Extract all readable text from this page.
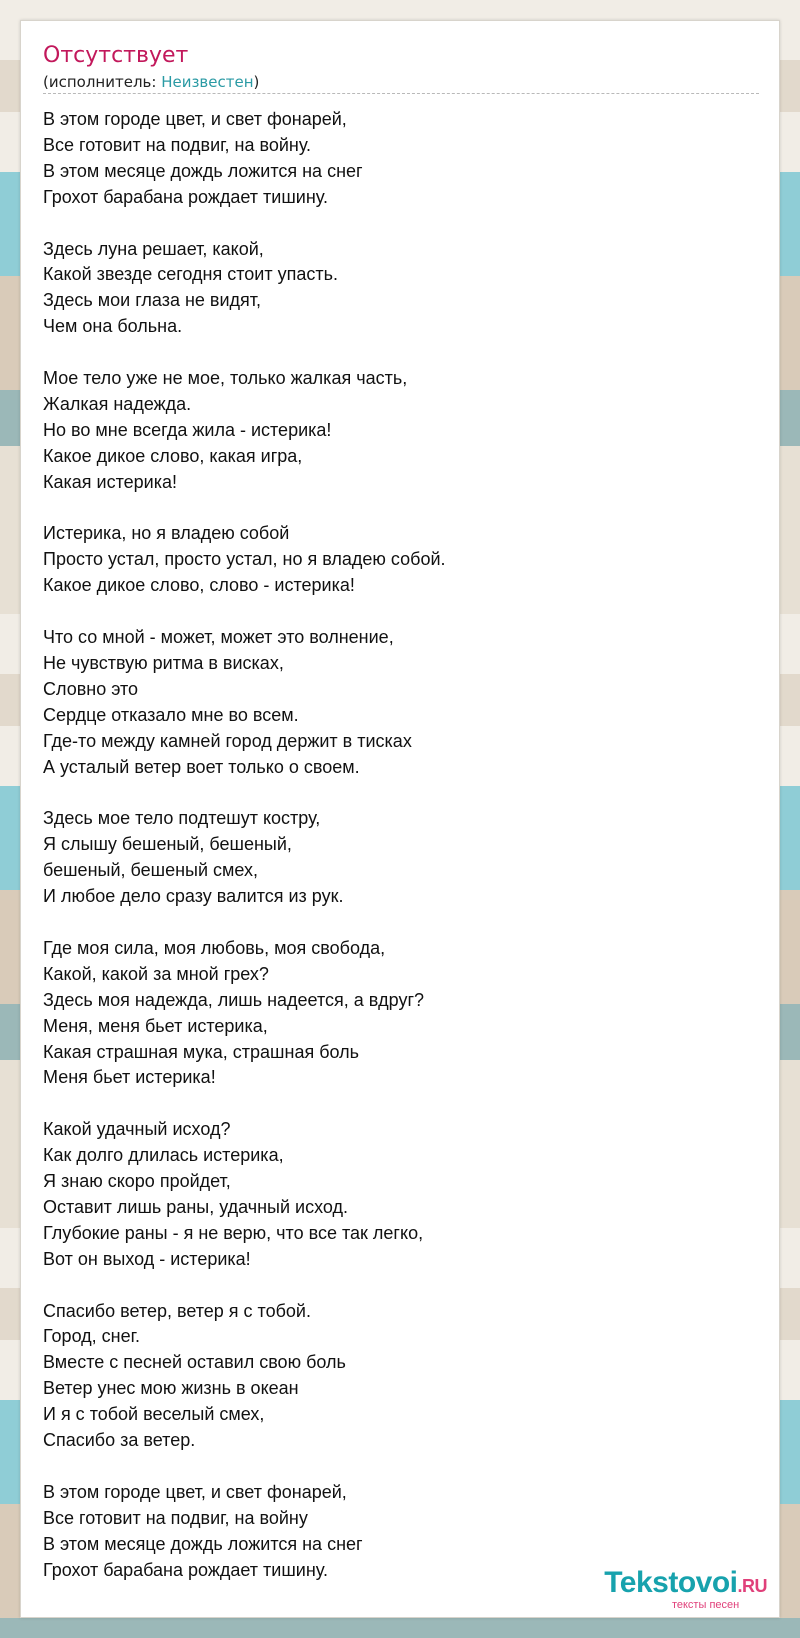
Отсутствует
(исполнитель: Неизвестен)
В этом городе цвет, и свет фонарей,
Все готовит на подвиг, на войну.
В этом месяце дождь ложится на снег
Грохот барабана рождает тишину.
Здесь луна решает, какой,
Какой звезде сегодня стоит упасть.
Здесь мои глаза не видят,
Чем она больна.
Мое тело уже не мое, только жалкая часть,
Жалкая надежда.
Но во мне всегда жила - истерика!
Какое дикое слово, какая игра,
Какая истерика!
Истерика, но я владею собой
Просто устал, просто устал, но я владею собой.
Какое дикое слово, слово - истерика!
Что со мной - может, может это волнение,
Не чувствую ритма в висках,
Словно это
Сердце отказало мне во всем.
Где-то между камней город держит в тисках
А усталый ветер воет только о своем.
Здесь мое тело подтешут костру,
Я слышу бешеный, бешеный,
бешеный, бешеный смех,
И любое дело сразу валится из рук.
Где моя сила, моя любовь, моя свобода,
Какой, какой за мной грех?
Здесь моя надежда, лишь надеется, а вдруг?
Меня, меня бьет истерика,
Какая страшная мука, страшная боль
Меня бьет истерика!
Какой удачный исход?
Как долго длилась истерика,
Я знаю скоро пройдет,
Оставит лишь раны, удачный исход.
Глубокие раны - я не верю, что все так легко,
Вот он выход - истерика!
Спасибо ветер, ветер я с тобой.
Город, снег.
Вместе с песней оставил свою боль
Ветер унес мою жизнь в океан
И я с тобой веселый смех,
Спасибо за ветер.
В этом городе цвет, и свет фонарей,
Все готовит на подвиг, на войну
В этом месяце дождь ложится на снег
Грохот барабана рождает тишину.	Tekstovoi.RU
тексты песен
